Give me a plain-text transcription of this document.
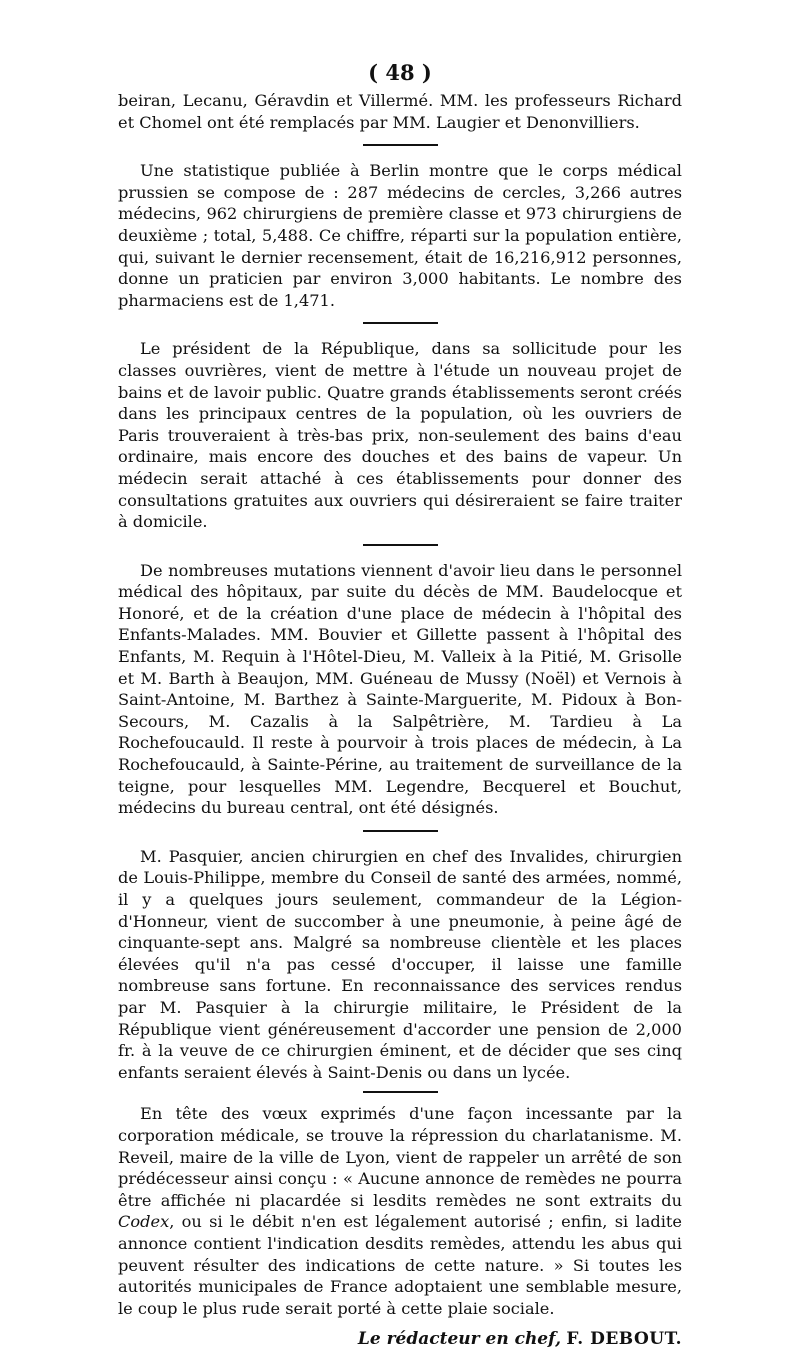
( 48 )

beiran, Lecanu, Géravdin et Villermé. MM. les professeurs Richard et Chomel ont été remplacés par MM. Laugier et Denonvilliers.

Une statistique publiée à Berlin montre que le corps médical prussien se compose de : 287 médecins de cercles, 3,266 autres médecins, 962 chirurgiens de première classe et 973 chirurgiens de deuxième ; total, 5,488. Ce chiffre, réparti sur la population entière, qui, suivant le dernier recensement, était de 16,216,912 personnes, donne un praticien par environ 3,000 habitants. Le nombre des pharmaciens est de 1,471.

Le président de la République, dans sa sollicitude pour les classes ouvrières, vient de mettre à l'étude un nouveau projet de bains et de lavoir public. Quatre grands établissements seront créés dans les principaux centres de la population, où les ouvriers de Paris trouveraient à très-bas prix, non-seulement des bains d'eau ordinaire, mais encore des douches et des bains de vapeur. Un médecin serait attaché à ces établissements pour donner des consultations gratuites aux ouvriers qui désireraient se faire traiter à domicile.

De nombreuses mutations viennent d'avoir lieu dans le personnel médical des hôpitaux, par suite du décès de MM. Baudelocque et Honoré, et de la création d'une place de médecin à l'hôpital des Enfants-Malades. MM. Bouvier et Gillette passent à l'hôpital des Enfants, M. Requin à l'Hôtel-Dieu, M. Valleix à la Pitié, M. Grisolle et M. Barth à Beaujon, MM. Guéneau de Mussy (Noël) et Vernois à Saint-Antoine, M. Barthez à Sainte-Marguerite, M. Pidoux à Bon-Secours, M. Cazalis à la Salpêtrière, M. Tardieu à La Rochefoucauld. Il reste à pourvoir à trois places de médecin, à La Rochefoucauld, à Sainte-Périne, au traitement de surveillance de la teigne, pour lesquelles MM. Legendre, Becquerel et Bouchut, médecins du bureau central, ont été désignés.

M. Pasquier, ancien chirurgien en chef des Invalides, chirurgien de Louis-Philippe, membre du Conseil de santé des armées, nommé, il y a quelques jours seulement, commandeur de la Légion-d'Honneur, vient de succomber à une pneumonie, à peine âgé de cinquante-sept ans. Malgré sa nombreuse clientèle et les places élevées qu'il n'a pas cessé d'occuper, il laisse une famille nombreuse sans fortune. En reconnaissance des services rendus par M. Pasquier à la chirurgie militaire, le Président de la République vient généreusement d'accorder une pension de 2,000 fr. à la veuve de ce chirurgien éminent, et de décider que ses cinq enfants seraient élevés à Saint-Denis ou dans un lycée.

En tête des vœux exprimés d'une façon incessante par la corporation médicale, se trouve la répression du charlatanisme. M. Reveil, maire de la ville de Lyon, vient de rappeler un arrêté de son prédécesseur ainsi conçu : « Aucune annonce de remèdes ne pourra être affichée ni placardée si lesdits remèdes ne sont extraits du Codex, ou si le débit n'en est légalement autorisé ; enfin, si ladite annonce contient l'indication desdits remèdes, attendu les abus qui peuvent résulter des indications de cette nature. » Si toutes les autorités municipales de France adoptaient une semblable mesure, le coup le plus rude serait porté à cette plaie sociale.

Le rédacteur en chef, F. DEBOUT.
